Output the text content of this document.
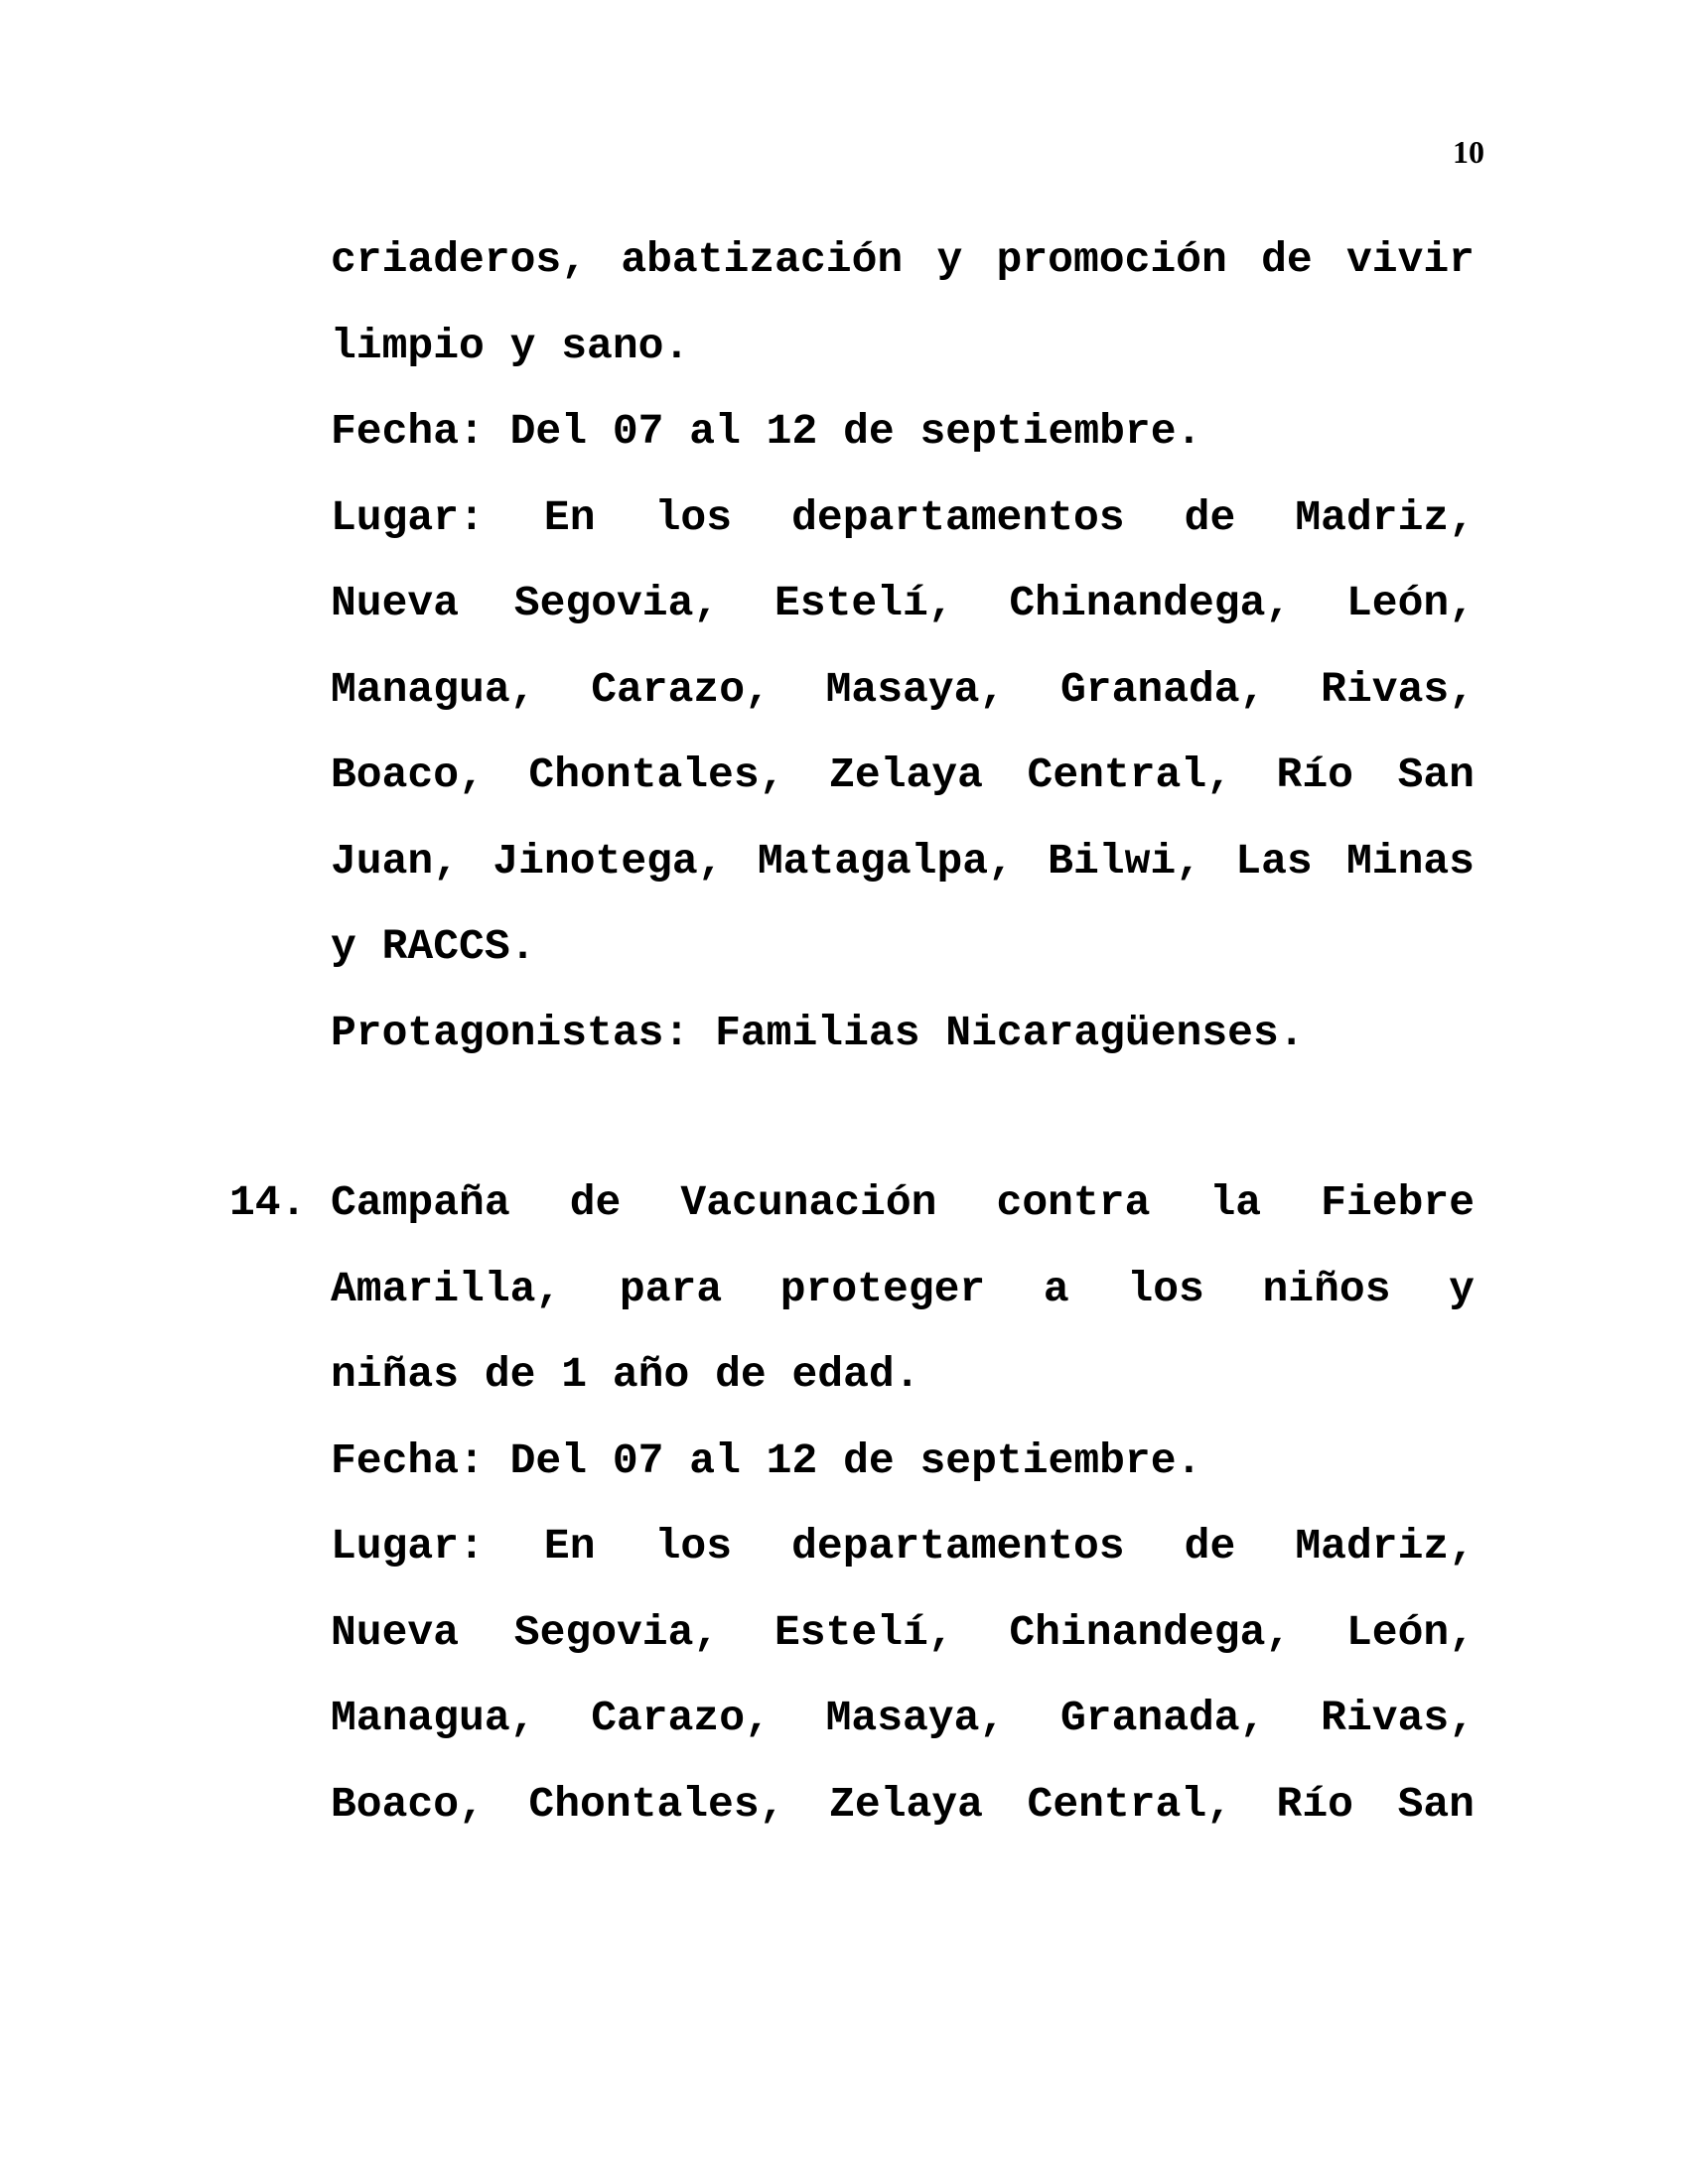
10
criaderos, abatización y promoción de vivir
limpio y sano.
Fecha: Del 07 al 12 de septiembre.
Lugar: En los departamentos de Madriz,
Nueva Segovia, Estelí, Chinandega, León,
Managua, Carazo, Masaya, Granada, Rivas,
Boaco, Chontales, Zelaya Central, Río San
Juan, Jinotega, Matagalpa, Bilwi, Las Minas
y RACCS.
Protagonistas: Familias Nicaragüenses.
14. Campaña de Vacunación contra la Fiebre
Amarilla, para proteger a los niños y
niñas de 1 año de edad.
Fecha: Del 07 al 12 de septiembre.
Lugar: En los departamentos de Madriz,
Nueva Segovia, Estelí, Chinandega, León,
Managua, Carazo, Masaya, Granada, Rivas,
Boaco, Chontales, Zelaya Central, Río San
